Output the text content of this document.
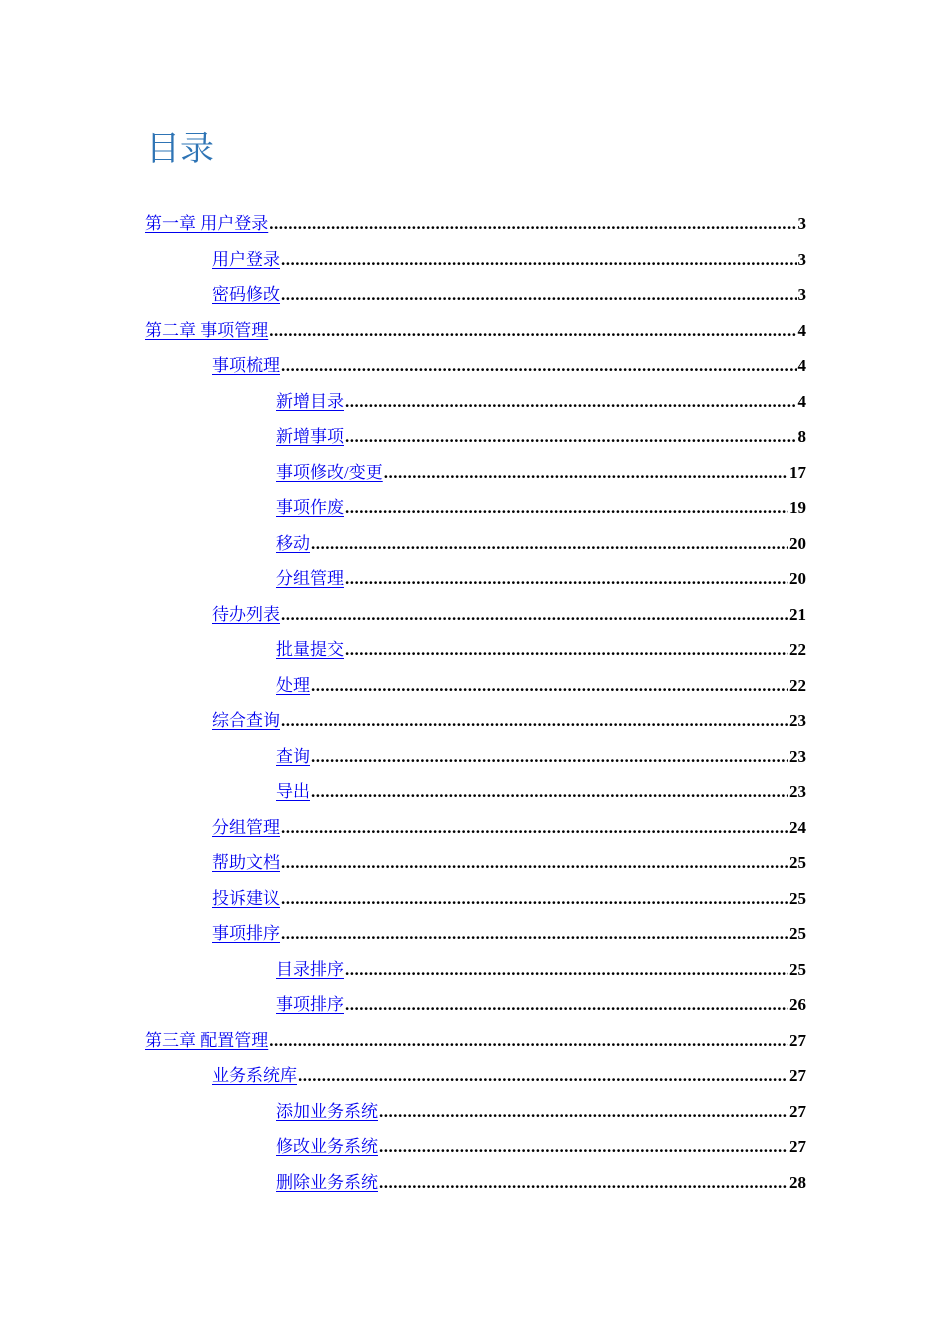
目录
第一章 用户登录 .....	3
用户登录 .....	3
密码修改 .....	3
第二章 事项管理 .....	4
事项梳理 .....	4
新增目录 .....	4
新增事项 .....	8
事项修改/变更 .....	17
事项作废 .....	19
移动 .....	20
分组管理 .....	20
待办列表 .....	21
批量提交 .....	22
处理 .....	22
综合查询 .....	23
查询 .....	23
导出 .....	23
分组管理 .....	24
帮助文档 .....	25
投诉建议 .....	25
事项排序 .....	25
目录排序 .....	25
事项排序 .....	26
第三章 配置管理 .....	27
业务系统库 .....	27
添加业务系统 .....	27
修改业务系统 .....	27
删除业务系统 .....	28
